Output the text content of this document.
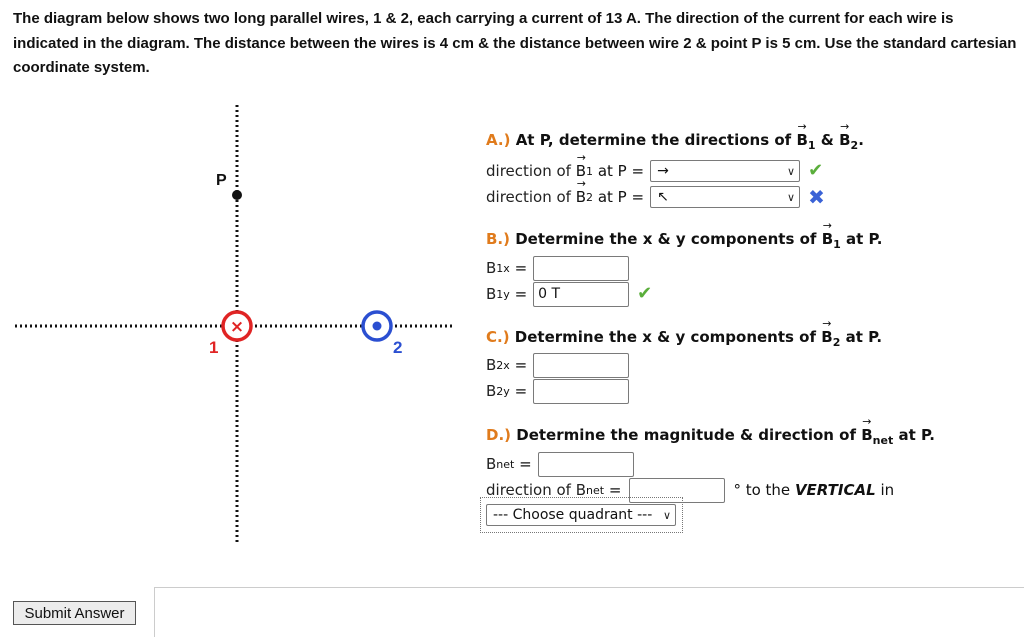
The diagram below shows two long parallel wires, 1 & 2, each carrying a current of 13 A. The direction of the current for each wire is indicated in the diagram. The distance between the wires is 4 cm & the distance between wire 2 & point P is 5 cm. Use the standard cartesian coordinate system.
P
×
1	2
A.) At P, determine the directions of → $B_1$ & → $B_2$.
direction of
→ B 1
at P = →	∨ ✔
direction of
→ B 2
at P = ↖	∨ ✖
B.) Determine the x & y components of → $B_1$ at P.
B 1x
=
B 1y
= 0 T	✔
C.) Determine the x & y components of → $B_2$ at P.
B 2x
=
B 2y
=
D.) Determine the magnitude & direction of → $B_{net}$ at P.
B net
=
direction of B net
=	° to the
VERTICAL
in
--- Choose quadrant --- ∨
Submit Answer
